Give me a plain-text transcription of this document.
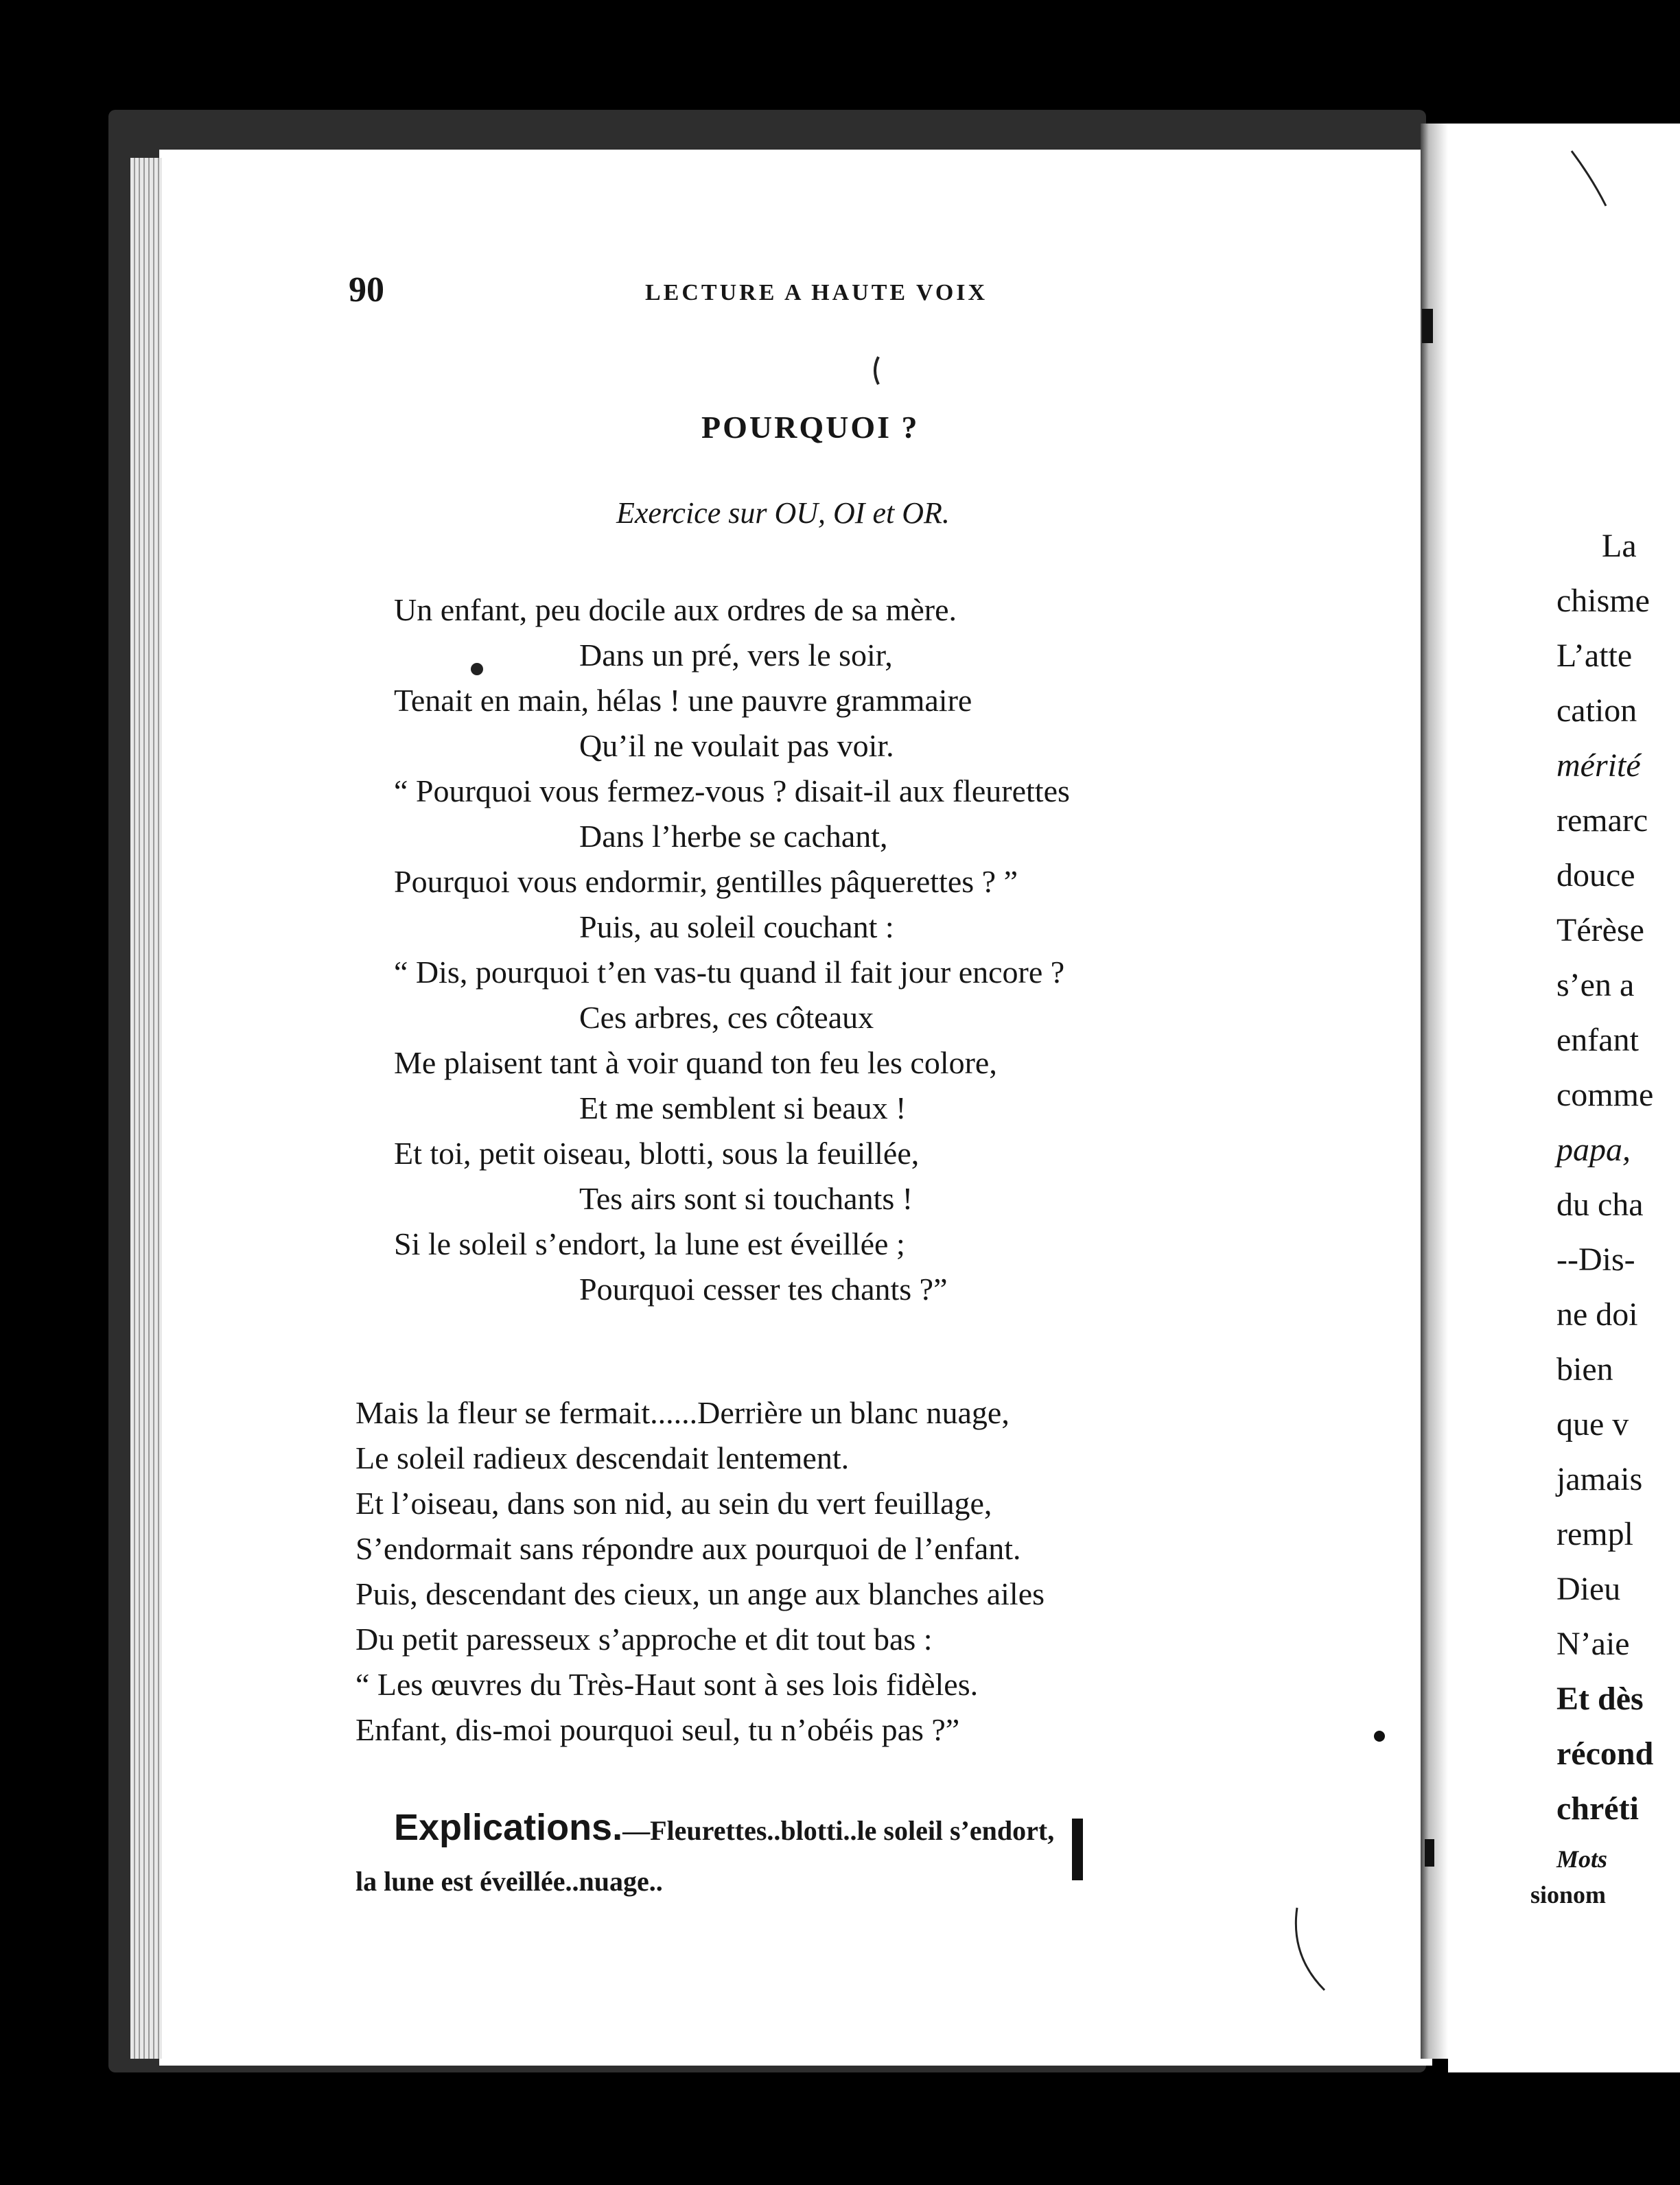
90	LECTURE A HAUTE VOIX
POURQUOI ?
Exercice sur OU, OI et OR.
Un enfant, peu docile aux ordres de sa mère.
Dans un pré, vers le soir,
Tenait en main, hélas ! une pauvre grammaire
Qu’il ne voulait pas voir.
“ Pourquoi vous fermez-vous ? disait-il aux fleurettes
Dans l’herbe se cachant,
Pourquoi vous endormir, gentilles pâquerettes ? ”
Puis, au soleil couchant :
“ Dis, pourquoi t’en vas-tu quand il fait jour encore ?
Ces arbres, ces côteaux
Me plaisent tant à voir quand ton feu les colore,
Et me semblent si beaux !
Et toi, petit oiseau, blotti, sous la feuillée,
Tes airs sont si touchants !
Si le soleil s’endort, la lune est éveillée ;
Pourquoi cesser tes chants ?”
Mais la fleur se fermait......Derrière un blanc nuage,
Le soleil radieux descendait lentement.
Et l’oiseau, dans son nid, au sein du vert feuillage,
S’endormait sans répondre aux pourquoi de l’enfant.
Puis, descendant des cieux, un ange aux blanches ailes
Du petit paresseux s’approche et dit tout bas :
“ Les œuvres du Très-Haut sont à ses lois fidèles.
Enfant, dis-moi pourquoi seul, tu n’obéis pas ?”
Explications.—Fleurettes..blotti..le soleil s’endort,
la lune est éveillée..nuage..
La
chisme
L’atte
cation
mérité
remarc
douce
Térèse
s’en a
enfant
comme
papa,
du cha
--Dis-
ne doi
bien
que v
jamais
rempl
Dieu
N’aie
Et dès
récond
chréti
Mots
sionom
